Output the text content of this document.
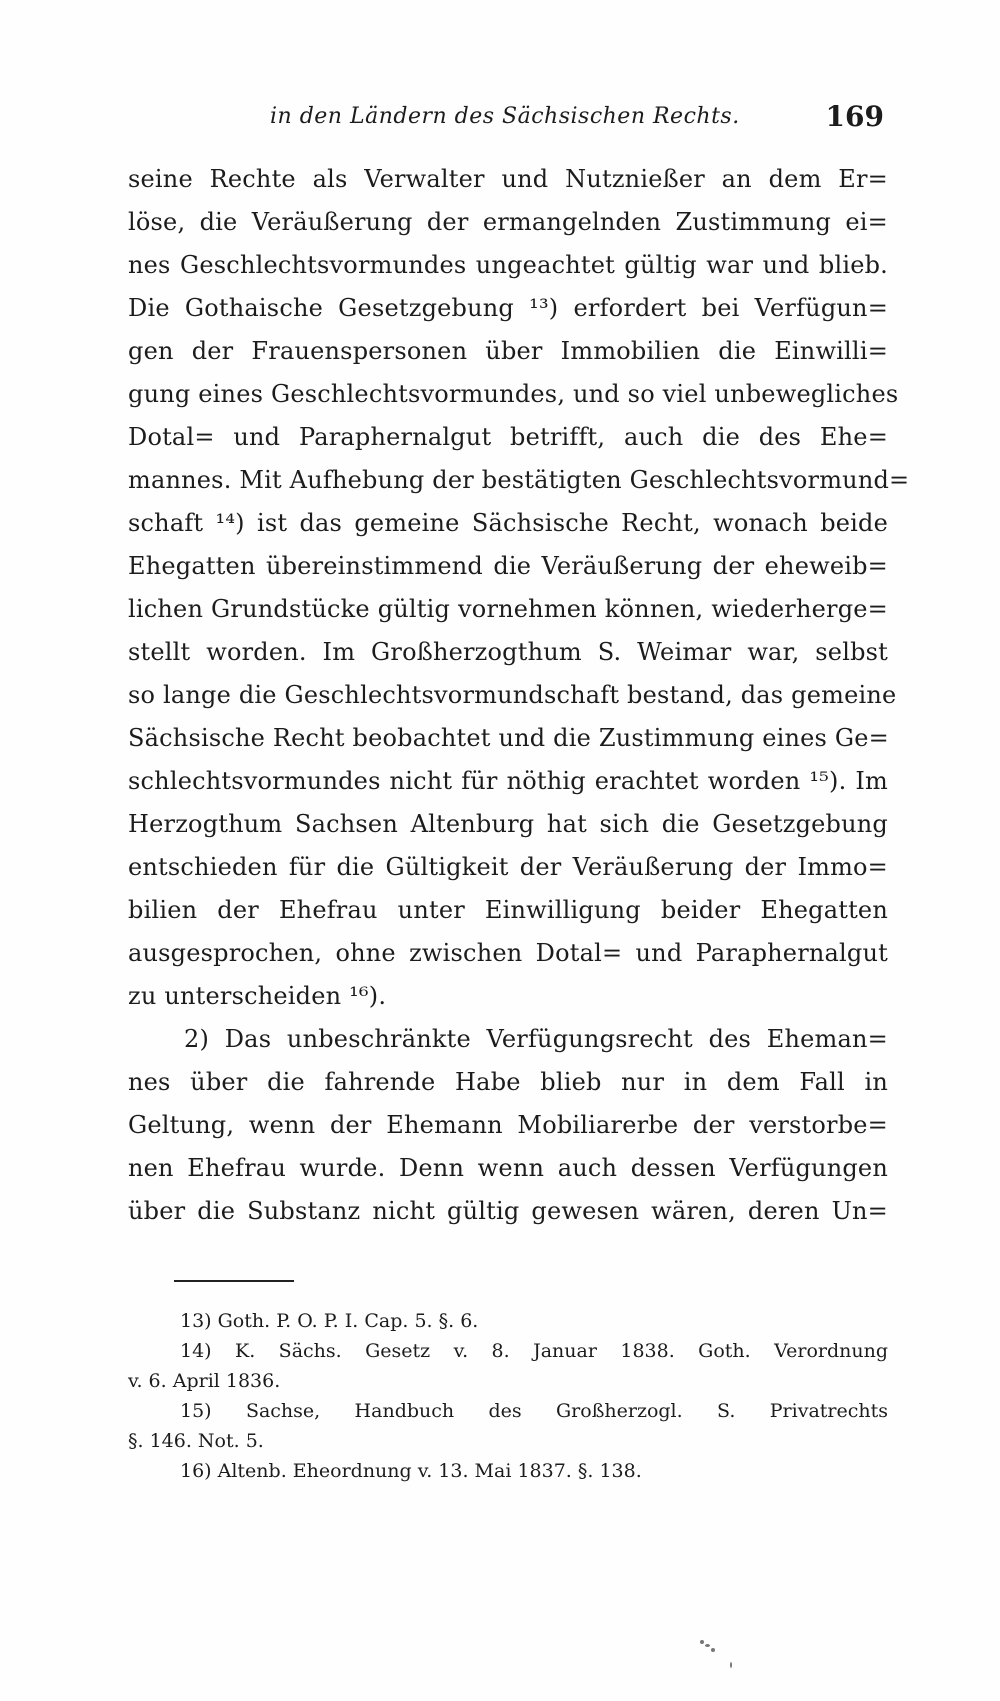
in den Ländern des Sächsischen Rechts.	169
seine Rechte als Verwalter und Nutznießer an dem Er=
löse, die Veräußerung der ermangelnden Zustimmung ei=
nes Geschlechtsvormundes ungeachtet gültig war und blieb.
Die Gothaische Gesetzgebung ¹³) erfordert bei Verfügun=
gen der Frauenspersonen über Immobilien die Einwilli=
gung eines Geschlechtsvormundes, und so viel unbewegliches
Dotal= und Paraphernalgut betrifft, auch die des Ehe=
mannes. Mit Aufhebung der bestätigten Geschlechtsvormund=
schaft ¹⁴) ist das gemeine Sächsische Recht, wonach beide
Ehegatten übereinstimmend die Veräußerung der eheweib=
lichen Grundstücke gültig vornehmen können, wiederherge=
stellt worden. Im Großherzogthum S. Weimar war, selbst
so lange die Geschlechtsvormundschaft bestand, das gemeine
Sächsische Recht beobachtet und die Zustimmung eines Ge=
schlechtsvormundes nicht für nöthig erachtet worden ¹⁵). Im
Herzogthum Sachsen Altenburg hat sich die Gesetzgebung
entschieden für die Gültigkeit der Veräußerung der Immo=
bilien der Ehefrau unter Einwilligung beider Ehegatten
ausgesprochen, ohne zwischen Dotal= und Paraphernalgut
zu unterscheiden ¹⁶).
2) Das unbeschränkte Verfügungsrecht des Eheman=
nes über die fahrende Habe blieb nur in dem Fall in
Geltung, wenn der Ehemann Mobiliarerbe der verstorbe=
nen Ehefrau wurde. Denn wenn auch dessen Verfügungen
über die Substanz nicht gültig gewesen wären, deren Un=
13) Goth. P. O. P. I. Cap. 5. §. 6.
14) K. Sächs. Gesetz v. 8. Januar 1838. Goth. Verordnung
v. 6. April 1836.
15) Sachse, Handbuch des Großherzogl. S. Privatrechts
§. 146. Not. 5.
16) Altenb. Eheordnung v. 13. Mai 1837. §. 138.
